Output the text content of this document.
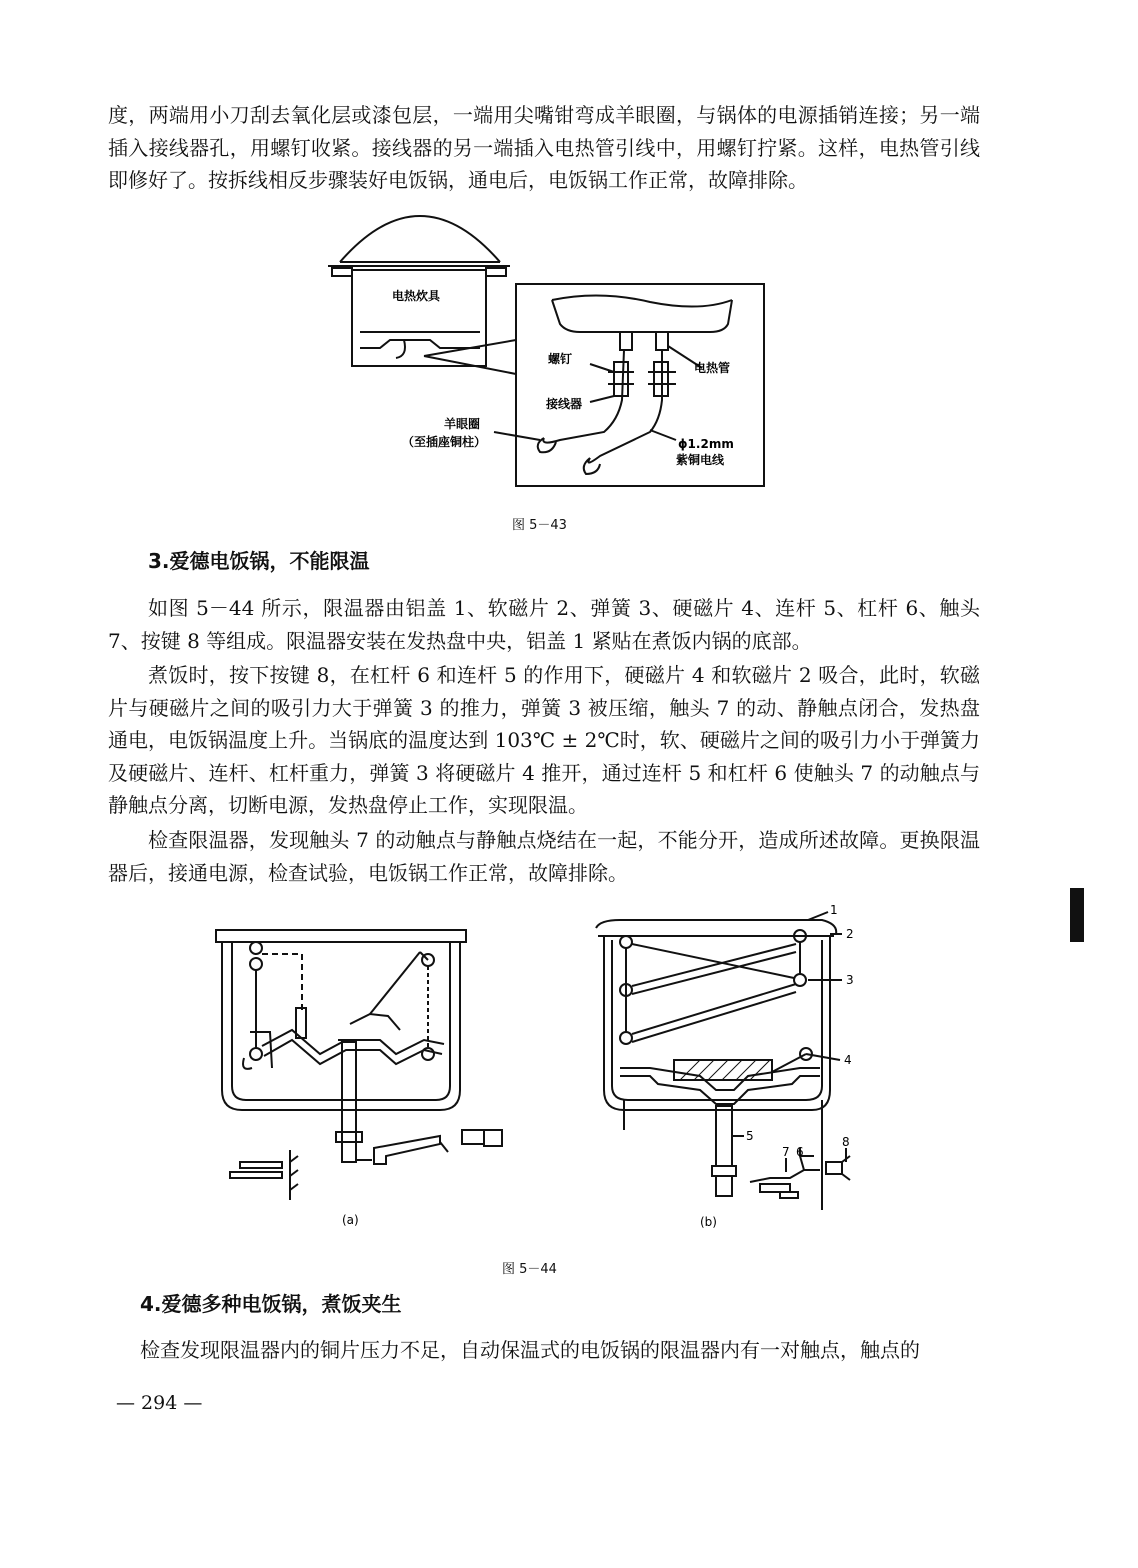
度，两端用小刀刮去氧化层或漆包层，一端用尖嘴钳弯成羊眼圈，与锅体的电源插销连接；另一端插入接线器孔，用螺钉收紧。接线器的另一端插入电热管引线中，用螺钉拧紧。这样，电热管引线即修好了。按拆线相反步骤装好电饭锅，通电后，电饭锅工作正常，故障排除。

电热炊具
螺钉
电热管
接线器
羊眼圈
（至插座铜柱）	ϕ1.2mm
紫铜电线
图 5－43

3.爱德电饭锅，不能限温

如图 5－44 所示，限温器由铝盖 1、软磁片 2、弹簧 3、硬磁片 4、连杆 5、杠杆 6、触头 7、按键 8 等组成。限温器安装在发热盘中央，铝盖 1 紧贴在煮饭内锅的底部。

煮饭时，按下按键 8，在杠杆 6 和连杆 5 的作用下，硬磁片 4 和软磁片 2 吸合，此时，软磁片与硬磁片之间的吸引力大于弹簧 3 的推力，弹簧 3 被压缩，触头 7 的动、静触点闭合，发热盘通电，电饭锅温度上升。当锅底的温度达到 103℃ ± 2℃时，软、硬磁片之间的吸引力小于弹簧力及硬磁片、连杆、杠杆重力，弹簧 3 将硬磁片 4 推开，通过连杆 5 和杠杆 6 使触头 7 的动触点与静触点分离，切断电源，发热盘停止工作，实现限温。

检查限温器，发现触头 7 的动触点与静触点烧结在一起，不能分开，造成所述故障。更换限温器后，接通电源，检查试验，电饭锅工作正常，故障排除。

1
2
3
4
5
6
7
8
(a)	(b)
图 5－44

4.爱德多种电饭锅，煮饭夹生

检查发现限温器内的铜片压力不足，自动保温式的电饭锅的限温器内有一对触点，触点的

— 294 —
